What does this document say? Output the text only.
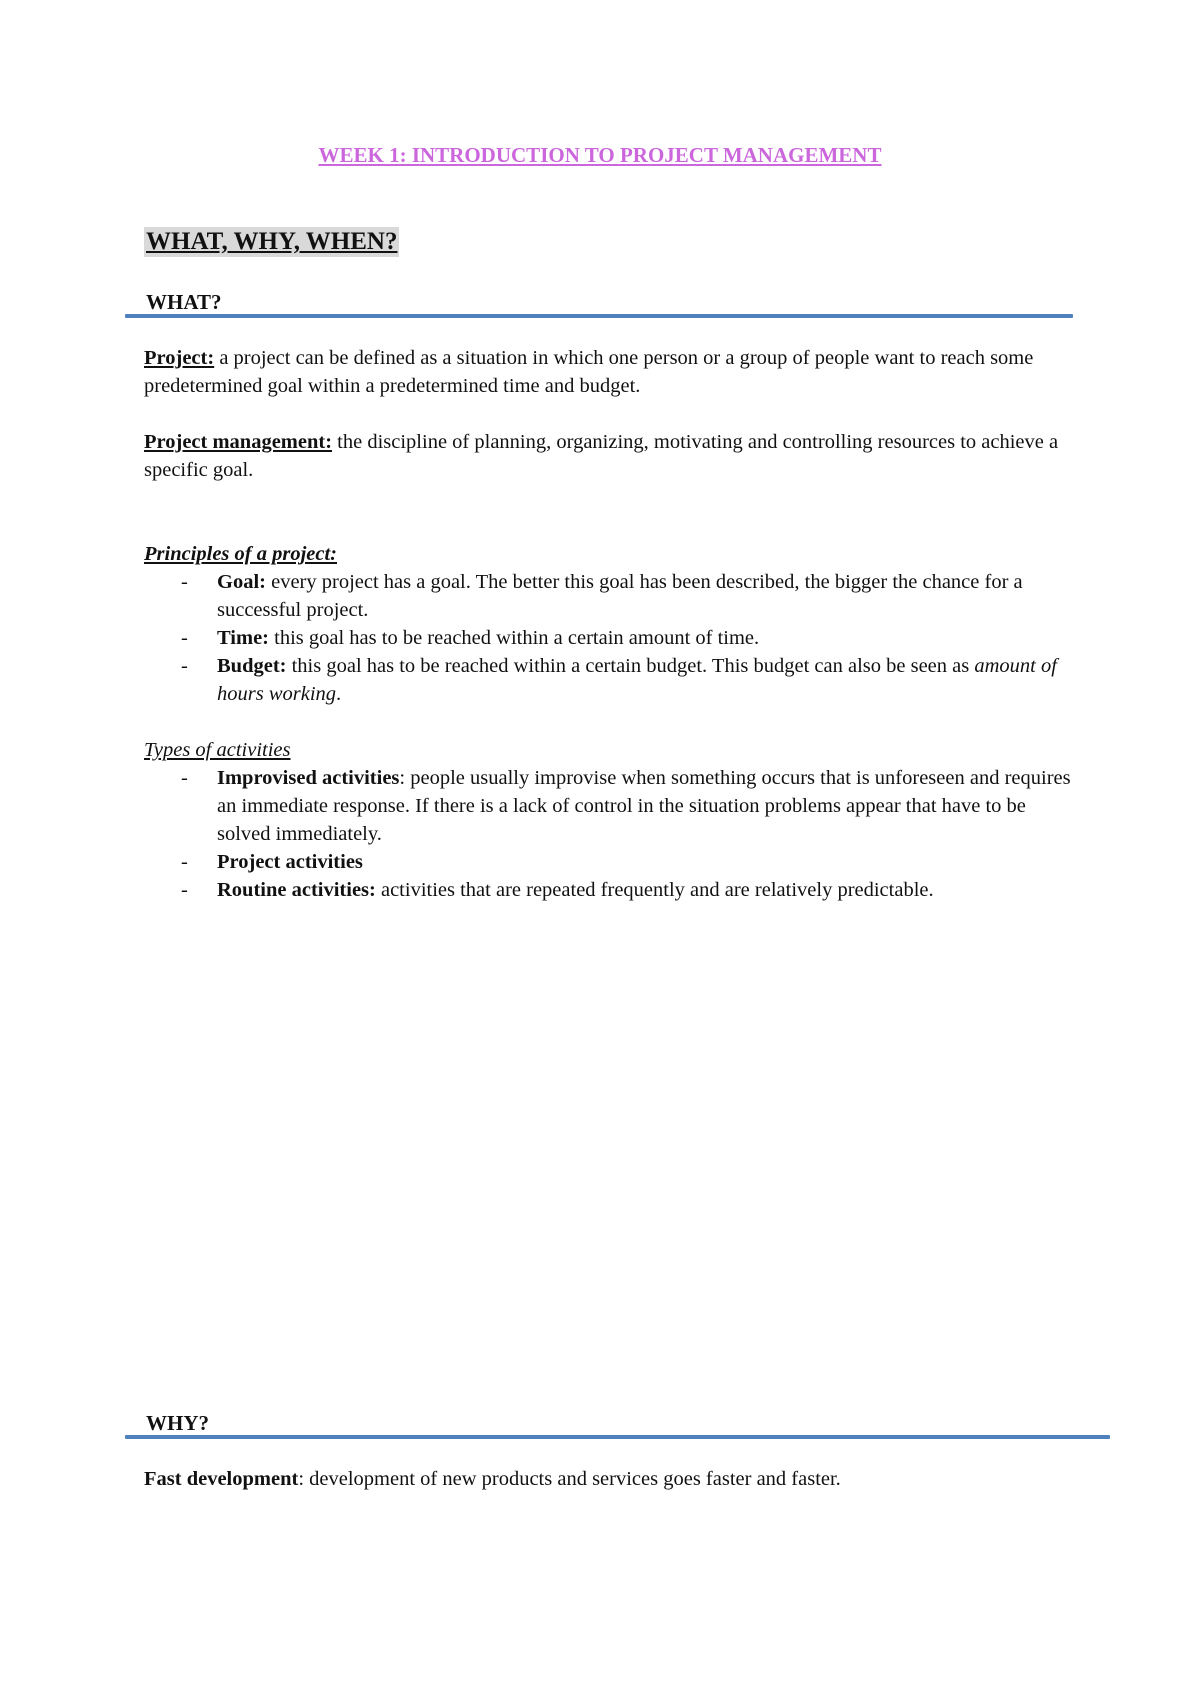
WEEK 1: INTRODUCTION TO PROJECT MANAGEMENT
WHAT, WHY, WHEN?
WHAT?
Project: a project can be defined as a situation in which one person or a group of people want to reach some predetermined goal within a predetermined time and budget.
Project management: the discipline of planning, organizing, motivating and controlling resources to achieve a specific goal.
Principles of a project:
- Goal: every project has a goal. The better this goal has been described, the bigger the chance for a successful project.
- Time: this goal has to be reached within a certain amount of time.
- Budget: this goal has to be reached within a certain budget. This budget can also be seen as amount of hours working.
Types of activities
- Improvised activities: people usually improvise when something occurs that is unforeseen and requires an immediate response. If there is a lack of control in the situation problems appear that have to be solved immediately.
- Project activities
- Routine activities: activities that are repeated frequently and are relatively predictable.
WHY?
Fast development: development of new products and services goes faster and faster.
